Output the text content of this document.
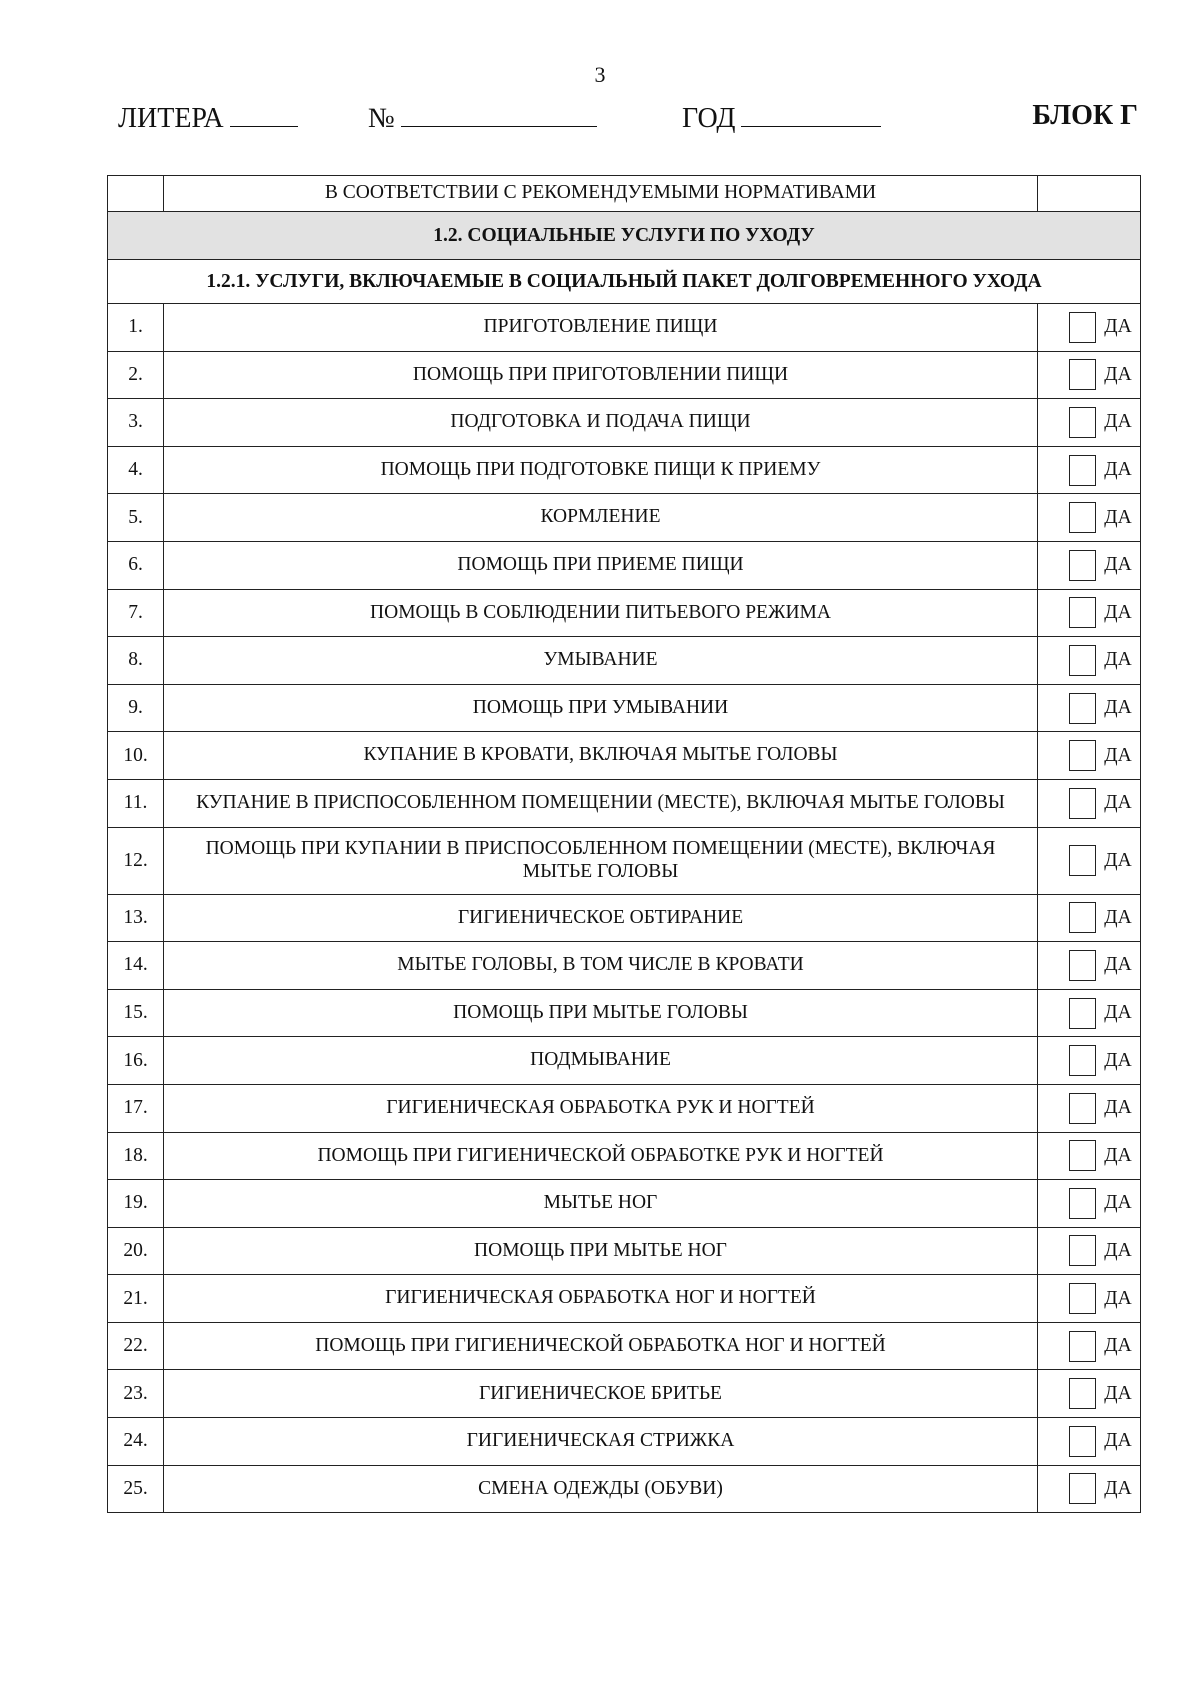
3
ЛИТЕРА	№	ГОД	БЛОК Г
	В СООТВЕТСТВИИ С РЕКОМЕНДУЕМЫМИ НОРМАТИВАМИ	
1.2. СОЦИАЛЬНЫЕ УСЛУГИ ПО УХОДУ		
1.2.1. УСЛУГИ, ВКЛЮЧАЕМЫЕ В СОЦИАЛЬНЫЙ ПАКЕТ ДОЛГОВРЕМЕННОГО УХОДА		
1.	ПРИГОТОВЛЕНИЕ ПИЩИ	ДА
2.	ПОМОЩЬ ПРИ ПРИГОТОВЛЕНИИ ПИЩИ	ДА
3.	ПОДГОТОВКА И ПОДАЧА ПИЩИ	ДА
4.	ПОМОЩЬ ПРИ ПОДГОТОВКЕ ПИЩИ К ПРИЕМУ	ДА
5.	КОРМЛЕНИЕ	ДА
6.	ПОМОЩЬ ПРИ ПРИЕМЕ ПИЩИ	ДА
7.	ПОМОЩЬ В СОБЛЮДЕНИИ ПИТЬЕВОГО РЕЖИМА	ДА
8.	УМЫВАНИЕ	ДА
9.	ПОМОЩЬ ПРИ УМЫВАНИИ	ДА
10.	КУПАНИЕ В КРОВАТИ, ВКЛЮЧАЯ МЫТЬЕ ГОЛОВЫ	ДА
11.	КУПАНИЕ В ПРИСПОСОБЛЕННОМ ПОМЕЩЕНИИ (МЕСТЕ), ВКЛЮЧАЯ МЫТЬЕ ГОЛОВЫ	ДА
12.	ПОМОЩЬ ПРИ КУПАНИИ В ПРИСПОСОБЛЕННОМ ПОМЕЩЕНИИ (МЕСТЕ), ВКЛЮЧАЯ МЫТЬЕ ГОЛОВЫ	ДА
13.	ГИГИЕНИЧЕСКОЕ ОБТИРАНИЕ	ДА
14.	МЫТЬЕ ГОЛОВЫ, В ТОМ ЧИСЛЕ В КРОВАТИ	ДА
15.	ПОМОЩЬ ПРИ МЫТЬЕ ГОЛОВЫ	ДА
16.	ПОДМЫВАНИЕ	ДА
17.	ГИГИЕНИЧЕСКАЯ ОБРАБОТКА РУК И НОГТЕЙ	ДА
18.	ПОМОЩЬ ПРИ ГИГИЕНИЧЕСКОЙ ОБРАБОТКЕ РУК И НОГТЕЙ	ДА
19.	МЫТЬЕ НОГ	ДА
20.	ПОМОЩЬ ПРИ МЫТЬЕ НОГ	ДА
21.	ГИГИЕНИЧЕСКАЯ ОБРАБОТКА НОГ И НОГТЕЙ	ДА
22.	ПОМОЩЬ ПРИ ГИГИЕНИЧЕСКОЙ ОБРАБОТКА НОГ И НОГТЕЙ	ДА
23.	ГИГИЕНИЧЕСКОЕ БРИТЬЕ	ДА
24.	ГИГИЕНИЧЕСКАЯ СТРИЖКА	ДА
25.	СМЕНА ОДЕЖДЫ (ОБУВИ)	ДА
